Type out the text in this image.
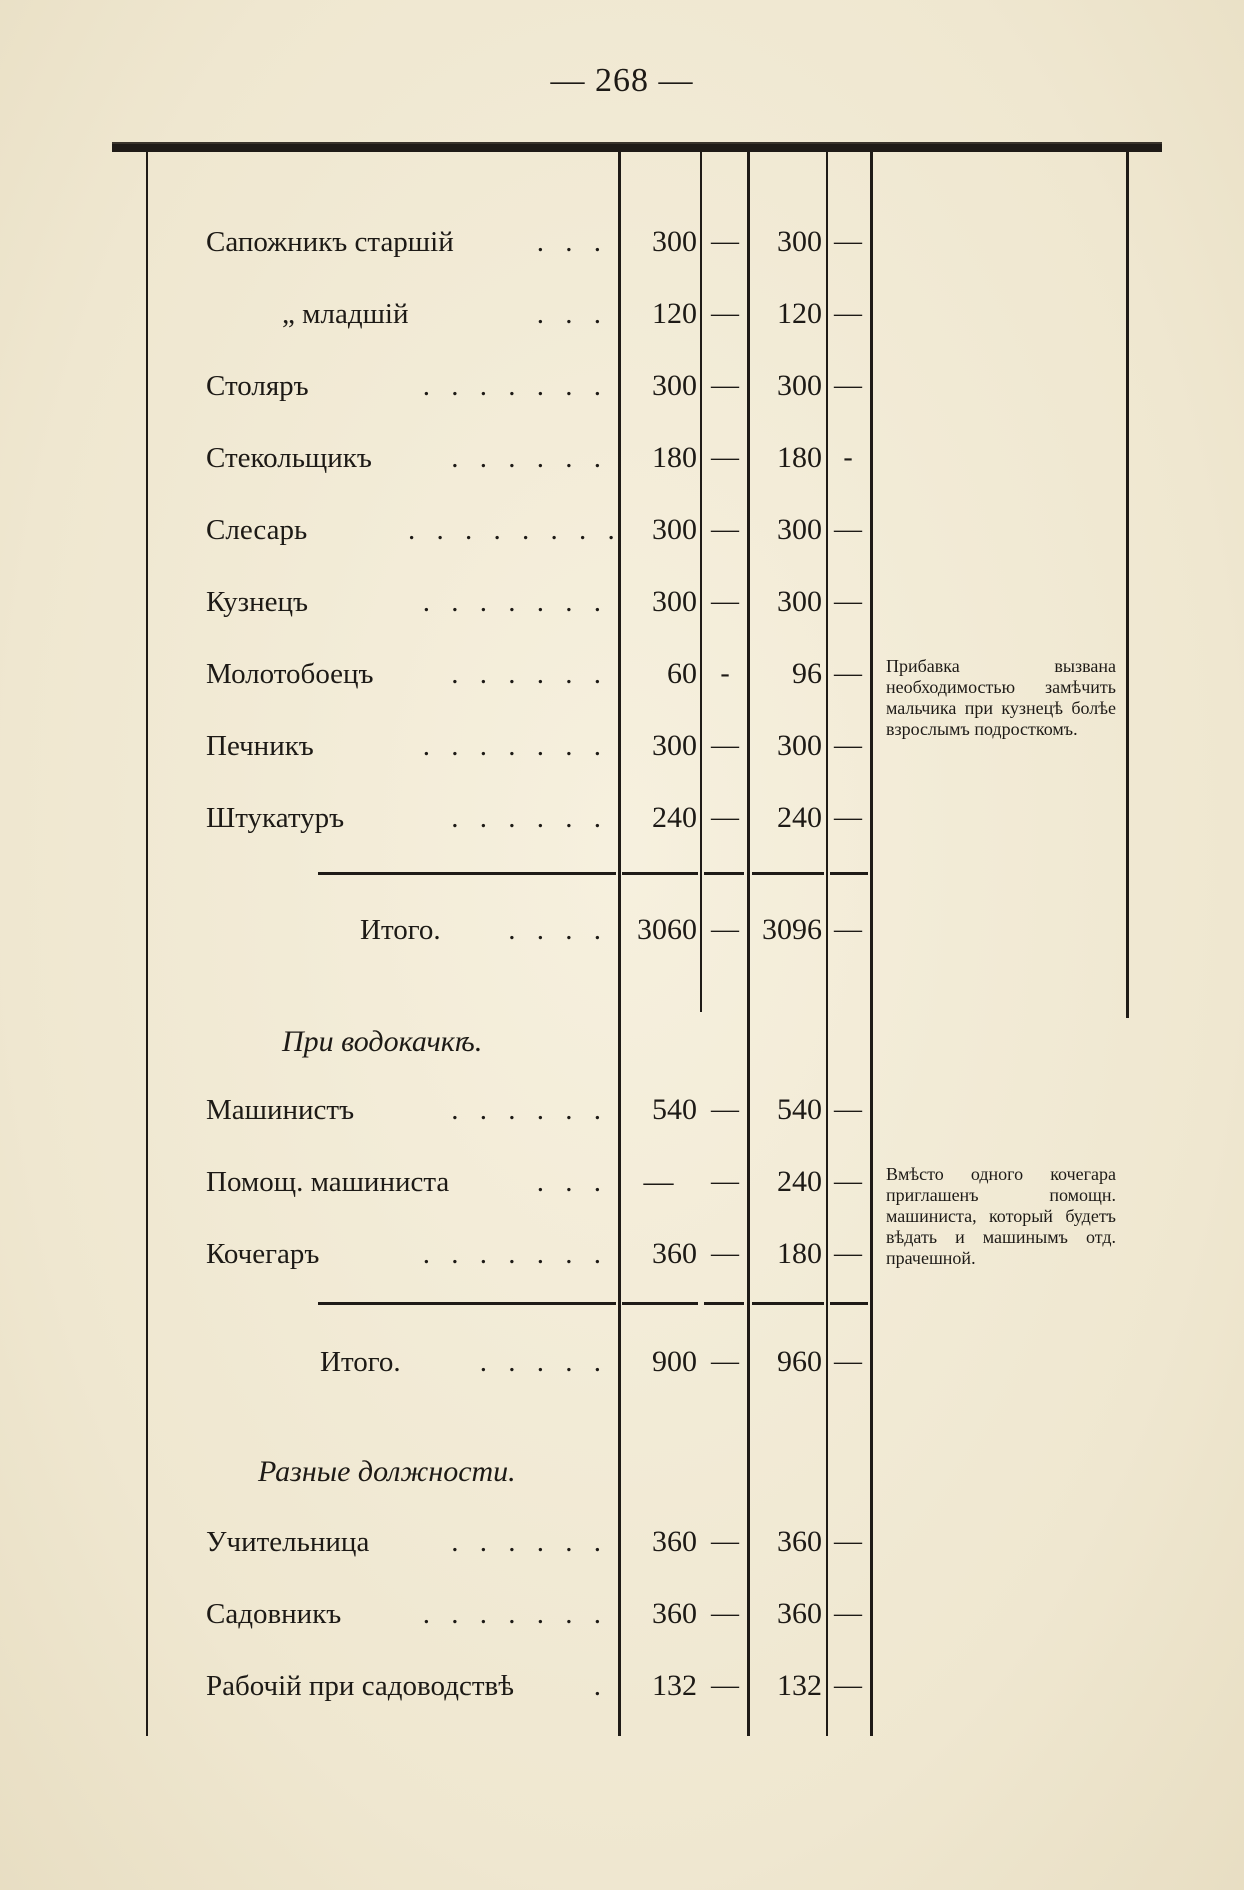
— 268 —
Сапожникъ старшій	. . .	300 —	300 —
„ младшій	. . .	120 —	120 —
Столяръ	. . . . . . .	300 —	300 —
Стекольщикъ	. . . . . .	180 —	180 -
Слесарь	. . . . . . . .	300 —	300 —
Кузнецъ	. . . . . . .	300 —	300 —
Молотобоецъ	. . . . . .	60 -	96 —
Печникъ	. . . . . . .	300 —	300 —
Штукатуръ	. . . . . .	240 —	240 —
Итого.	. . . . 3060 — 3096 —
При водокачкѣ.
Машинистъ	. . . . . .	540 —	540 —
Помощ. машиниста	. . .	—	—	240 —
Кочегаръ	. . . . . . .	360 —	180 —
Итого.	. . . . .	900 —	960 —
Разные должности.
Учительница	. . . . . .	360 —	360 —
Садовникъ	. . . . . . .	360 —	360 —
Рабочій при садоводствѣ	.	132 —	132 —
Прибавка вызвана необходимостью замѣчить мальчика при кузнецѣ болѣе взрослымъ подросткомъ.
Вмѣсто одного кочегара приглашенъ помощн. машиниста, который будетъ вѣдать и машинымъ отд. прачешной.
